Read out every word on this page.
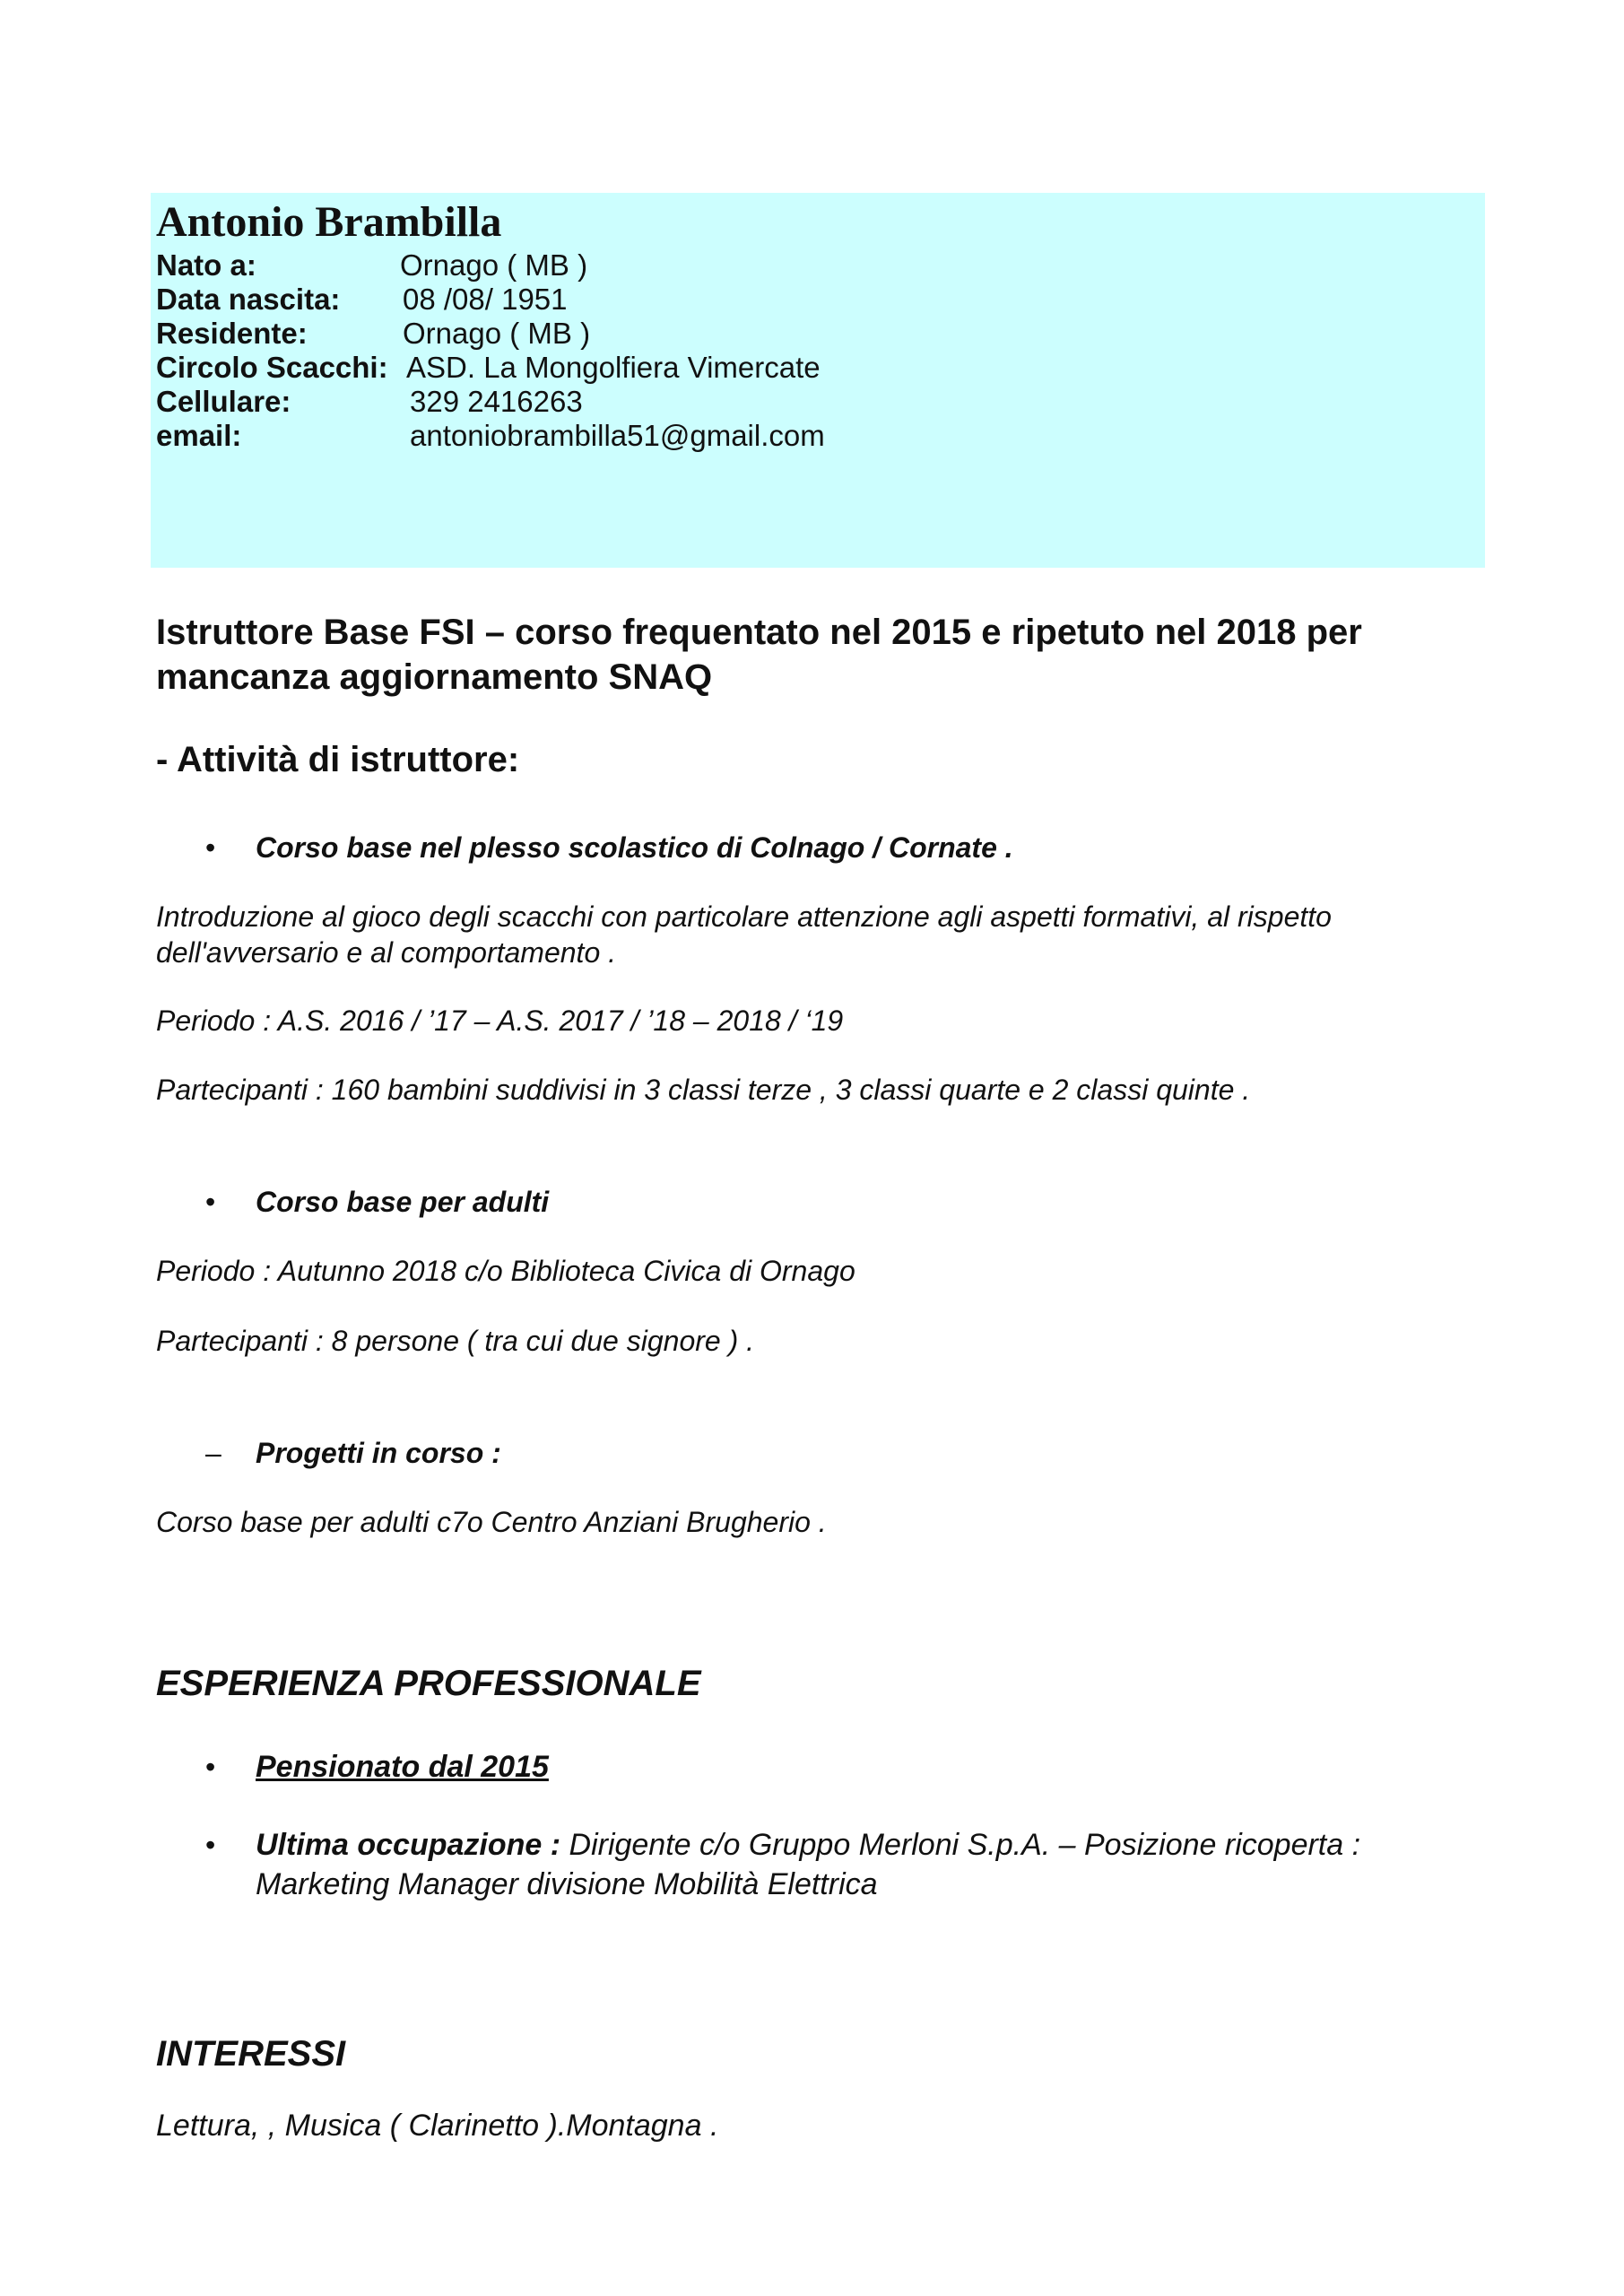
Antonio Brambilla
Nato a:	Ornago ( MB )
Data nascita: 08 /08/ 1951
Residente:	Ornago ( MB )
Circolo Scacchi: ASD. La Mongolfiera Vimercate
Cellulare:	329 2416263
email:	antoniobrambilla51@gmail.com
Istruttore Base FSI – corso frequentato nel 2015 e ripetuto nel 2018 per
mancanza aggiornamento SNAQ
- Attività di istruttore:
• Corso base nel plesso scolastico di Colnago / Cornate .
Introduzione al gioco degli scacchi con particolare attenzione agli aspetti formativi, al rispetto
dell'avversario e al comportamento .
Periodo : A.S. 2016 / ’17 – A.S. 2017 / ’18 – 2018 / ‘19
Partecipanti : 160 bambini suddivisi in 3 classi terze , 3 classi quarte e 2 classi quinte .
• Corso base per adulti
Periodo : Autunno 2018 c/o Biblioteca Civica di Ornago
Partecipanti : 8 persone ( tra cui due signore ) .
– Progetti in corso :
Corso base per adulti c7o Centro Anziani Brugherio .
ESPERIENZA PROFESSIONALE
• Pensionato dal 2015
• Ultima occupazione : Dirigente c/o Gruppo Merloni S.p.A. – Posizione ricoperta :
Marketing Manager divisione Mobilità Elettrica
INTERESSI
Lettura, , Musica ( Clarinetto ).Montagna .
